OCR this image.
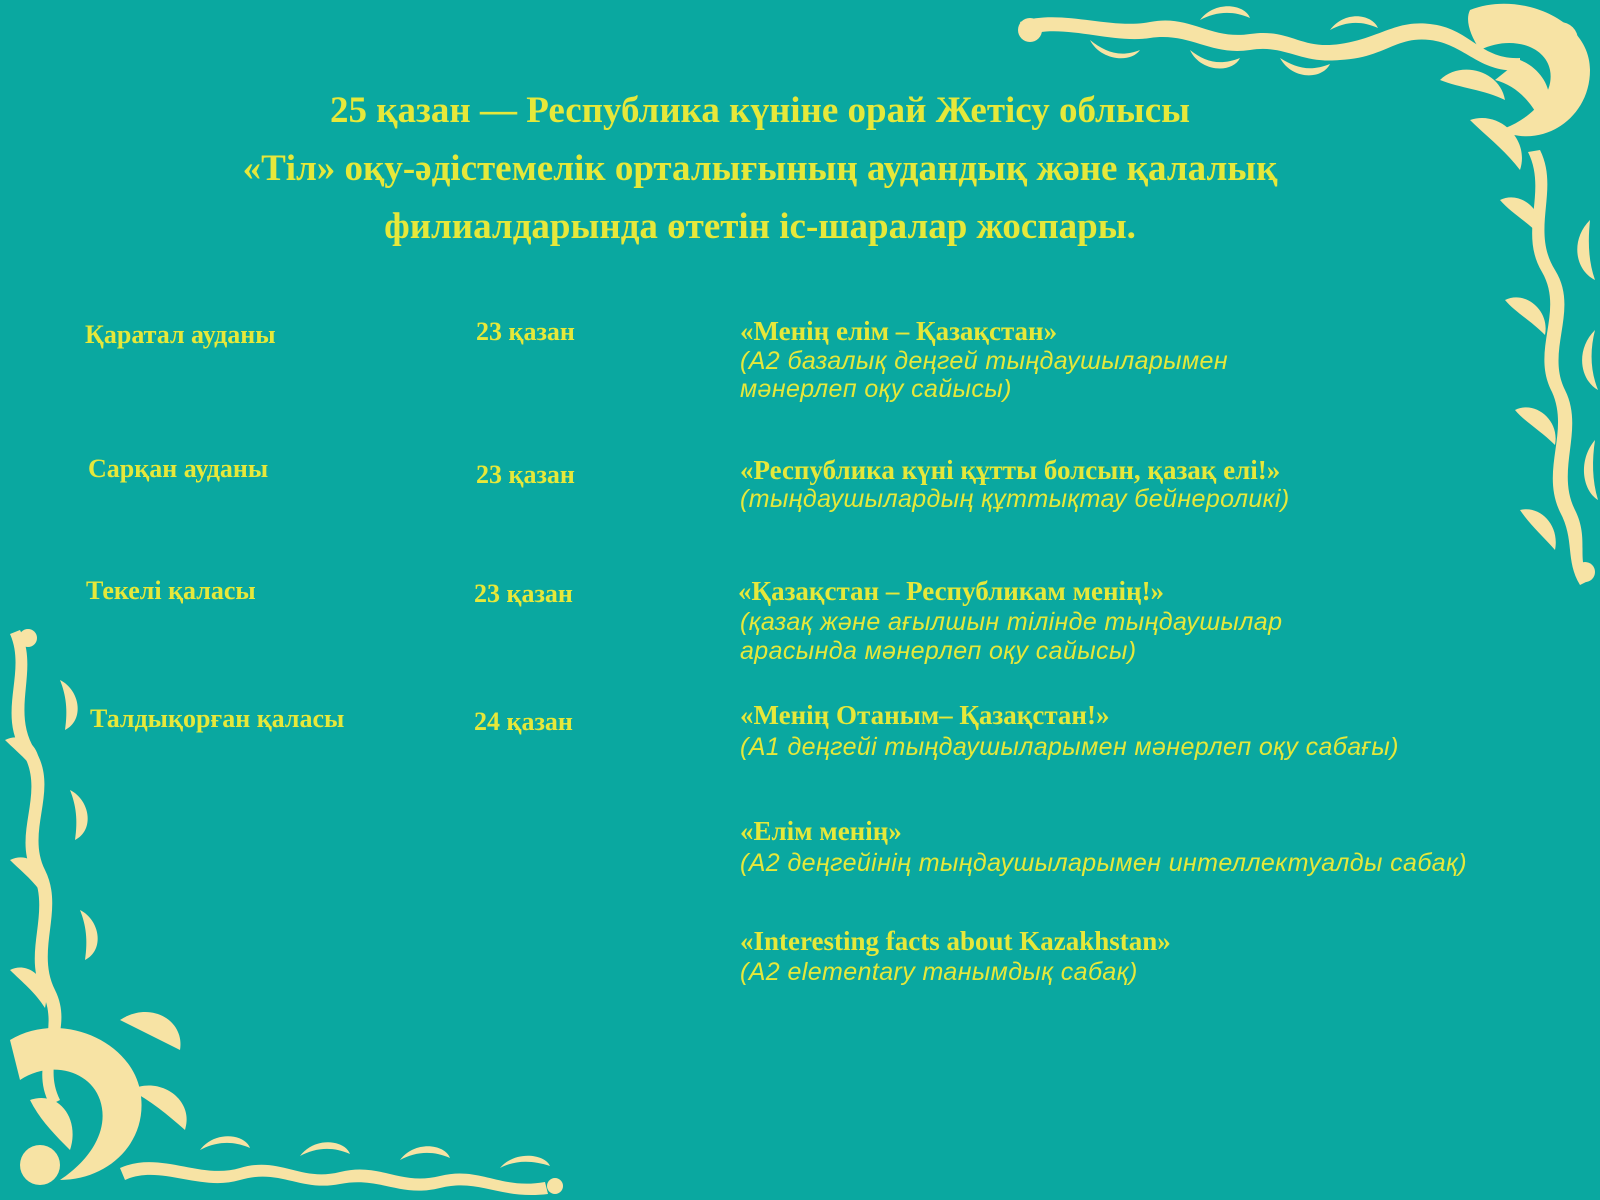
25 қазан — Республика күніне орай Жетісу облысы
«Тіл» оқу-әдістемелік орталығының аудандық және қалалық
филиалдарында өтетін іс-шаралар жоспары.
Қаратал ауданы
Сарқан ауданы
Текелі қаласы
Талдықорған қаласы
23 қазан
23 қазан
23 қазан
24 қазан
«Менің елім – Қазақстан»
(А2 базалық деңгей тыңдаушыларымен
мәнерлеп оқу сайысы)
«Республика күні құтты болсын, қазақ елі!»
(тыңдаушылардың құттықтау бейнероликі)
«Қазақстан – Республикам менің!»
(қазақ және ағылшын тілінде тыңдаушылар
арасында мәнерлеп оқу сайысы)
«Менің Отаным– Қазақстан!»
(А1 деңгейі тыңдаушыларымен мәнерлеп оқу сабағы)
«Елім менің»
(А2 деңгейінің тыңдаушыларымен интеллектуалды сабақ)
«Interesting facts about Kazakhstan»
(А2 elementary танымдық сабақ)
